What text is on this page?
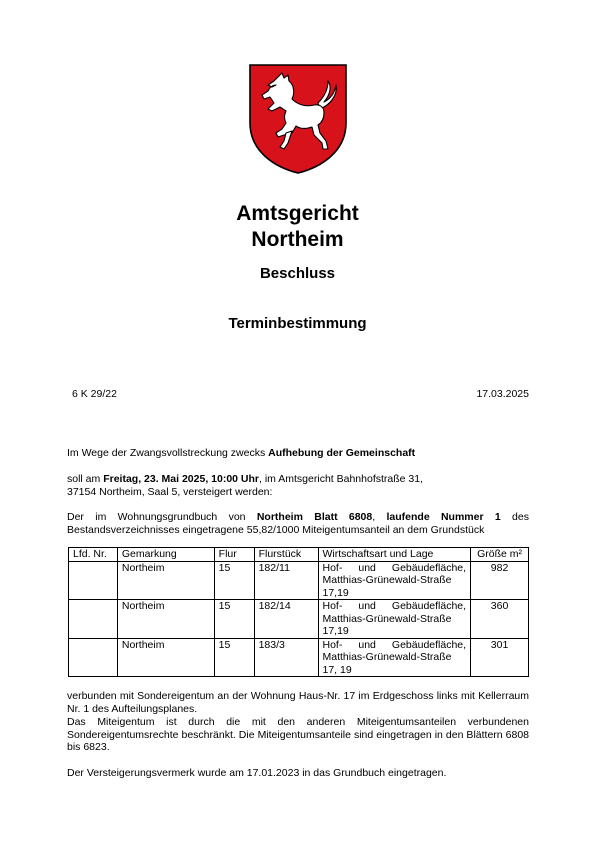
Amtsgericht
Northeim
Beschluss
Terminbestimmung
6 K 29/22	17.03.2025
Im Wege der Zwangsvollstreckung zwecks Aufhebung der Gemeinschaft
soll am Freitag, 23. Mai 2025, 10:00 Uhr, im Amtsgericht Bahnhofstraße 31,
37154 Northeim, Saal 5, versteigert werden:
Der im Wohnungsgrundbuch von Northeim Blatt 6808, laufende Nummer 1 des Bestandsverzeichnisses eingetragene 55,82/1000 Miteigentumsanteil an dem Grundstück
Lfd. Nr.	Gemarkung	Flur	Flurstück	Wirtschaftsart und Lage	Größe m²
	Northeim	15	182/11	Hof- und Gebäudefläche, Matthias-Grünewald-Straße 17,19	982
	Northeim	15	182/14	Hof- und Gebäudefläche, Matthias-Grünewald-Straße 17,19	360
	Northeim	15	183/3	Hof- und Gebäudefläche, Matthias-Grünewald-Straße 17, 19	301
verbunden mit Sondereigentum an der Wohnung Haus-Nr. 17 im Erdgeschoss links mit Kellerraum Nr. 1 des Aufteilungsplanes.
Das Miteigentum ist durch die mit den anderen Miteigentumsanteilen verbundenen Sondereigentumsrechte beschränkt. Die Miteigentumsanteile sind eingetragen in den Blättern 6808 bis 6823.
Der Versteigerungsvermerk wurde am 17.01.2023 in das Grundbuch eingetragen.
